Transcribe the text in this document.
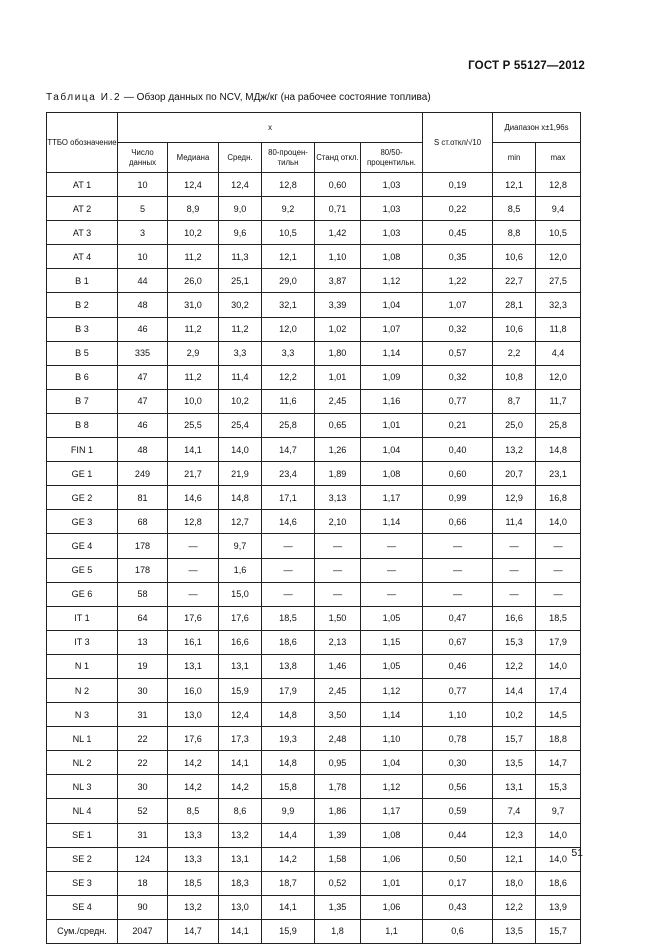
ГОСТ Р 55127—2012
Таблица И.2 — Обзор данных по NCV, МДж/кг (на рабочее состояние топлива)
ТТБО обозначение	x						S ст.откл/√10	Диапазон x±1,96s	
	Число данных	Медиана	Средн.	80-процен-тильн	Станд откл.	80/50-процентильн.		min	max
AT 1	10	12,4	12,4	12,8	0,60	1,03	0,19	12,1	12,8
AT 2	5	8,9	9,0	9,2	0,71	1,03	0,22	8,5	9,4
AT 3	3	10,2	9,6	10,5	1,42	1,03	0,45	8,8	10,5
AT 4	10	11,2	11,3	12,1	1,10	1,08	0,35	10,6	12,0
B 1	44	26,0	25,1	29,0	3,87	1,12	1,22	22,7	27,5
B 2	48	31,0	30,2	32,1	3,39	1,04	1,07	28,1	32,3
B 3	46	11,2	11,2	12,0	1,02	1,07	0,32	10,6	11,8
B 5	335	2,9	3,3	3,3	1,80	1,14	0,57	2,2	4,4
B 6	47	11,2	11,4	12,2	1,01	1,09	0,32	10,8	12,0
B 7	47	10,0	10,2	11,6	2,45	1,16	0,77	8,7	11,7
B 8	46	25,5	25,4	25,8	0,65	1,01	0,21	25,0	25,8
FIN 1	48	14,1	14,0	14,7	1,26	1,04	0,40	13,2	14,8
GE 1	249	21,7	21,9	23,4	1,89	1,08	0,60	20,7	23,1
GE 2	81	14,6	14,8	17,1	3,13	1,17	0,99	12,9	16,8
GE 3	68	12,8	12,7	14,6	2,10	1,14	0,66	11,4	14,0
GE 4	178	—	9,7	—	—	—	—	—	—
GE 5	178	—	1,6	—	—	—	—	—	—
GE 6	58	—	15,0	—	—	—	—	—	—
IT 1	64	17,6	17,6	18,5	1,50	1,05	0,47	16,6	18,5
IT 3	13	16,1	16,6	18,6	2,13	1,15	0,67	15,3	17,9
N 1	19	13,1	13,1	13,8	1,46	1,05	0,46	12,2	14,0
N 2	30	16,0	15,9	17,9	2,45	1,12	0,77	14,4	17,4
N 3	31	13,0	12,4	14,8	3,50	1,14	1,10	10,2	14,5
NL 1	22	17,6	17,3	19,3	2,48	1,10	0,78	15,7	18,8
NL 2	22	14,2	14,1	14,8	0,95	1,04	0,30	13,5	14,7
NL 3	30	14,2	14,2	15,8	1,78	1,12	0,56	13,1	15,3
NL 4	52	8,5	8,6	9,9	1,86	1,17	0,59	7,4	9,7
SE 1	31	13,3	13,2	14,4	1,39	1,08	0,44	12,3	14,0
SE 2	124	13,3	13,1	14,2	1,58	1,06	0,50	12,1	14,0
SE 3	18	18,5	18,3	18,7	0,52	1,01	0,17	18,0	18,6
SE 4	90	13,2	13,0	14,1	1,35	1,06	0,43	12,2	13,9
Сум./средн.	2047	14,7	14,1	15,9	1,8	1,1	0,6	13,5	15,7
51
